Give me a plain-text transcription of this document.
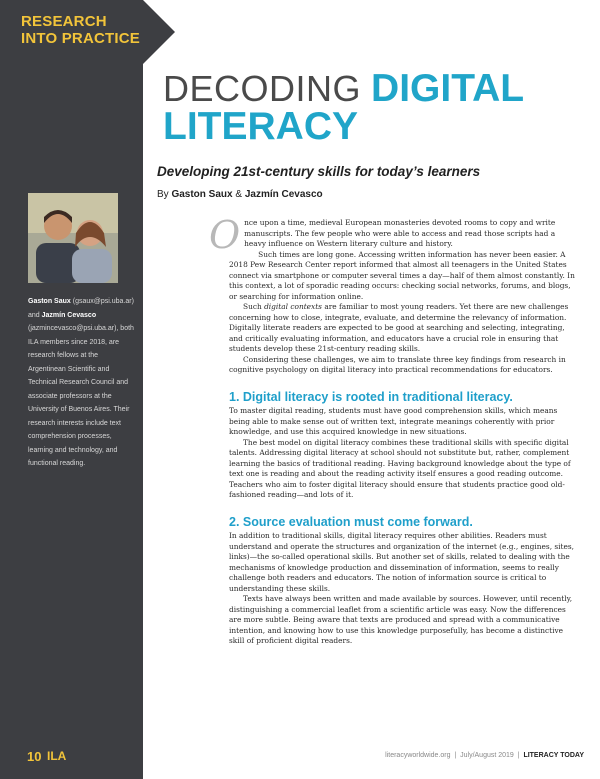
RESEARCH
INTO PRACTICE
Gaston Saux (gsaux@psi.uba.ar) and Jazmín Cevasco (jazmincevasco@psi.uba.ar), both ILA members since 2018, are research fellows at the Argentinean Scientific and Technical Research Council and associate professors at the University of Buenos Aires. Their research interests include text comprehension processes, learning and technology, and functional reading.
DECODING DIGITAL
LITERACY
Developing 21st-century skills for today’s learners
By Gaston Saux & Jazmín Cevasco

Once upon a time, medieval European monasteries devoted rooms to copy and write manuscripts. The few people who were able to access and read those scripts had a heavy influence on Western literary culture and history.

Such times are long gone. Accessing written information has never been easier. A 2018 Pew Research Center report informed that almost all teenagers in the United States connect via smartphone or computer several times a day—half of them almost constantly. In this context, a lot of sporadic reading occurs: checking social networks, forums, and blogs, or searching for information online.

Such digital contexts are familiar to most young readers. Yet there are new challenges concerning how to close, integrate, evaluate, and determine the relevancy of information. Digitally literate readers are expected to be good at searching and selecting, integrating, and critically evaluating information, and educators have a crucial role in ensuring that students develop these 21st-century reading skills.

Considering these challenges, we aim to translate three key findings from research in cognitive psychology on digital literacy into practical recommendations for educators.

1. Digital literacy is rooted in traditional literacy.

To master digital reading, students must have good comprehension skills, which means being able to make sense out of written text, integrate meanings coherently with prior knowledge, and use this acquired knowledge in new situations.

The best model on digital literacy combines these traditional skills with specific digital talents. Addressing digital literacy at school should not substitute but, rather, complement learning the basics of traditional reading. Having background knowledge about the type of text one is reading and about the reading activity itself ensures a good reading outcome. Teachers who aim to foster digital literacy should ensure that students practice good old-fashioned reading—and lots of it.

2. Source evaluation must come forward.

In addition to traditional skills, digital literacy requires other abilities. Readers must understand and operate the structures and organization of the internet (e.g., engines, sites, links)—the so-called operational skills. But another set of skills, related to dealing with the mechanisms of knowledge production and dissemination of information, seems to really challenge both readers and educators. The notion of information source is critical to understanding these skills.

Texts have always been written and made available by sources. However, until recently, distinguishing a commercial leaflet from a scientific article was easy. Now the differences are more subtle. Being aware that texts are produced and spread with a communicative intention, and knowing how to use this knowledge purposefully, has become a distinctive skill of proficient digital readers.

10 ILA	literacyworldwide.org | July/August 2019 | LITERACY TODAY
